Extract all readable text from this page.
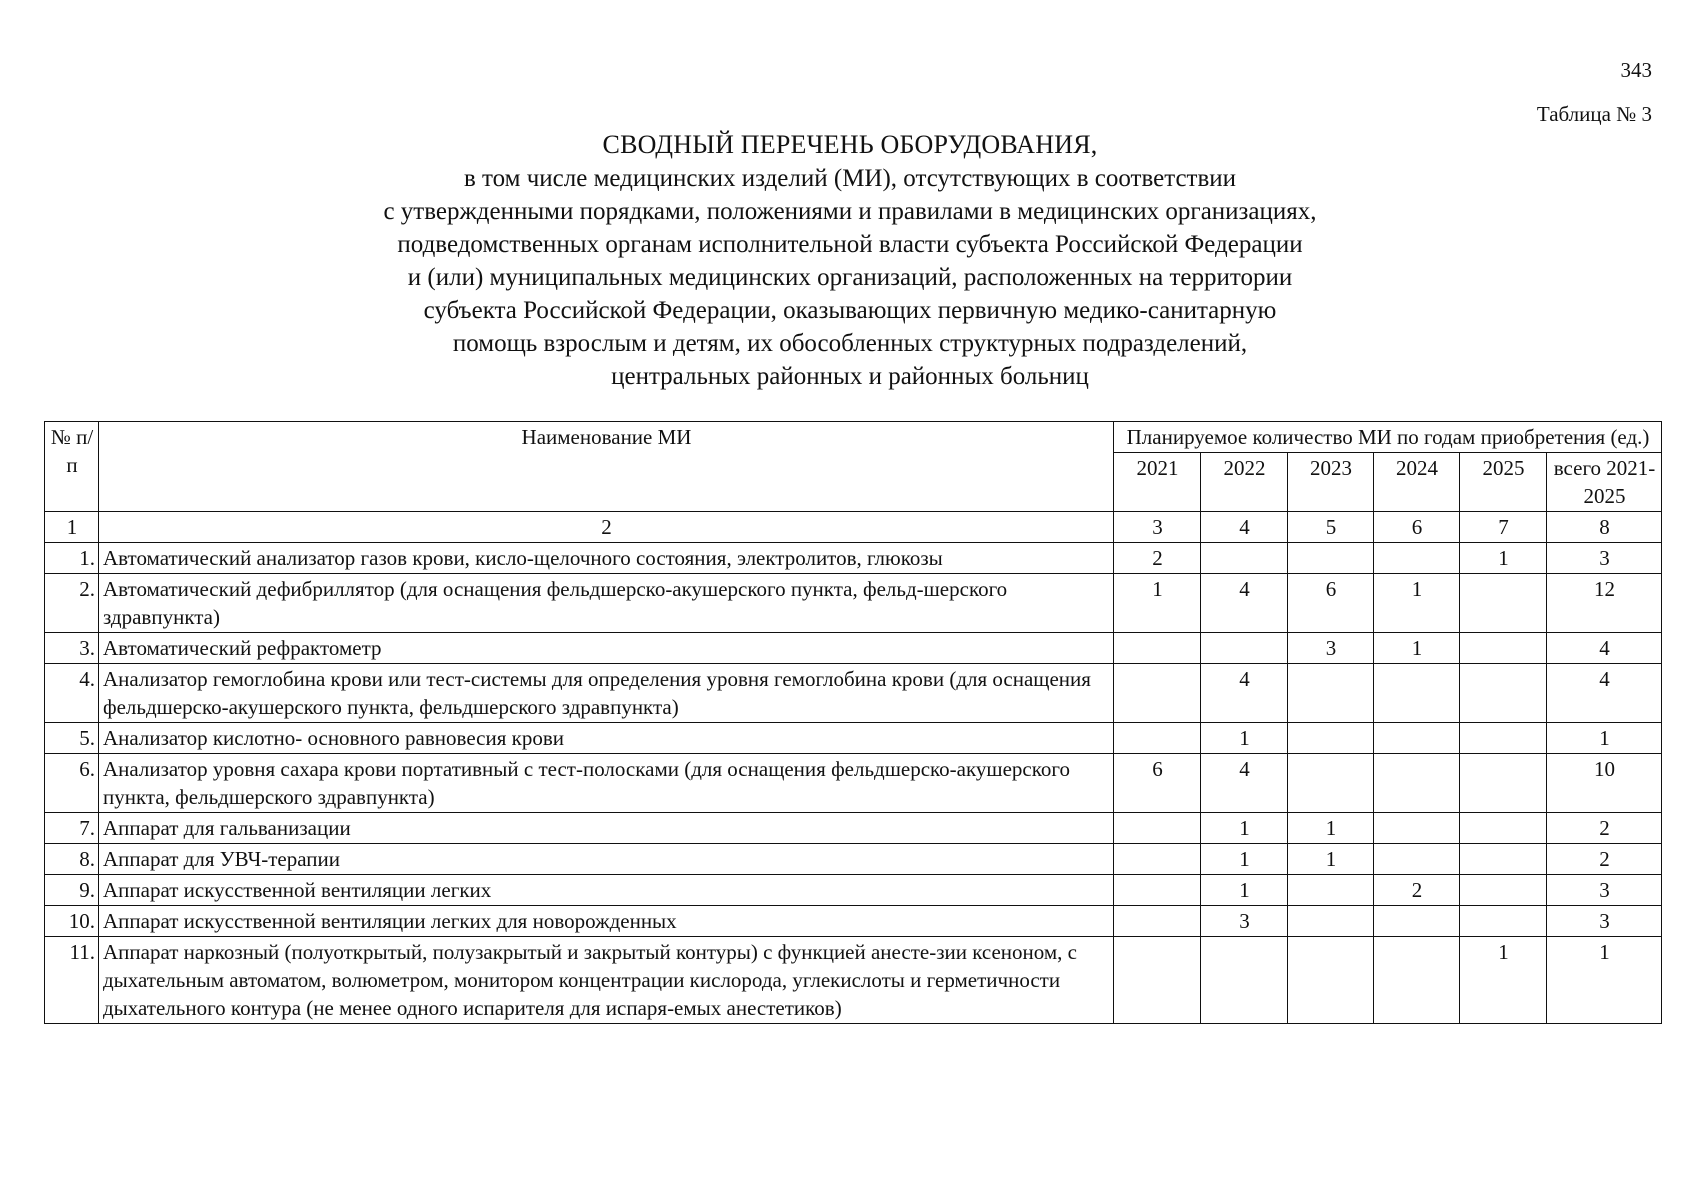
343
Таблица № 3
СВОДНЫЙ ПЕРЕЧЕНЬ ОБОРУДОВАНИЯ,
в том числе медицинских изделий (МИ), отсутствующих в соответствии
с утвержденными порядками, положениями и правилами в медицинских организациях,
подведомственных органам исполнительной власти субъекта Российской Федерации
и (или) муниципальных медицинских организаций, расположенных на территории
субъекта Российской Федерации, оказывающих первичную медико-санитарную
помощь взрослым и детям, их обособленных структурных подразделений,
центральных районных и районных больниц
№ п/п	Наименование МИ	Планируемое количество МИ по годам приобретения (ед.)					
		2021	2022	2023	2024	2025	всего 2021-2025
1	2	3	4	5	6	7	8
1.	Автоматический анализатор газов крови, кисло-щелочного состояния, электролитов, глюкозы	2				1	3
2.	Автоматический дефибриллятор (для оснащения фельдшерско-акушерского пункта, фельд-шерского здравпункта)	1	4	6	1		12
3.	Автоматический рефрактометр			3	1		4
4.	Анализатор гемоглобина крови или тест-системы для определения уровня гемоглобина крови (для оснащения фельдшерско-акушерского пункта, фельдшерского здравпункта)		4				4
5.	Анализатор кислотно- основного равновесия крови		1				1
6.	Анализатор уровня сахара крови портативный с тест-полосками (для оснащения фельдшерско-акушерского пункта, фельдшерского здравпункта)	6	4				10
7.	Аппарат для гальванизации		1	1			2
8.	Аппарат для УВЧ-терапии		1	1			2
9.	Аппарат искусственной вентиляции легких		1		2		3
10.	Аппарат искусственной вентиляции легких для новорожденных		3				3
11.	Аппарат наркозный (полуоткрытый, полузакрытый и закрытый контуры) с функцией анесте-зии ксеноном, с дыхательным автоматом, волюметром, монитором концентрации кислорода, углекислоты и герметичности дыхательного контура (не менее одного испарителя для испаря-емых анестетиков)					1	1
